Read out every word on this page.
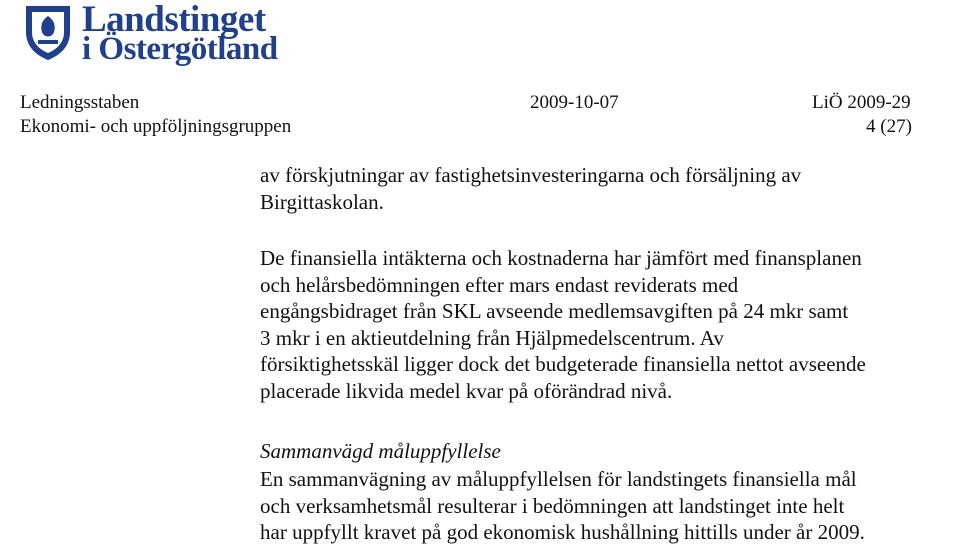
Landstinget
i Östergötland
Ledningsstaben	2009-10-07	LiÖ 2009-29
Ekonomi- och uppföljningsgruppen	4 (27)
av förskjutningar av fastighetsinvesteringarna och försäljning av
Birgittaskolan.
De finansiella intäkterna och kostnaderna har jämfört med finansplanen
och helårsbedömningen efter mars endast reviderats med
engångsbidraget från SKL avseende medlemsavgiften på 24 mkr samt
3 mkr i en aktieutdelning från Hjälpmedelscentrum. Av
försiktighetsskäl ligger dock det budgeterade finansiella nettot avseende
placerade likvida medel kvar på oförändrad nivå.
Sammanvägd måluppfyllelse
En sammanvägning av måluppfyllelsen för landstingets finansiella mål
och verksamhetsmål resulterar i bedömningen att landstinget inte helt
har uppfyllt kravet på god ekonomisk hushållning hittills under år 2009.
